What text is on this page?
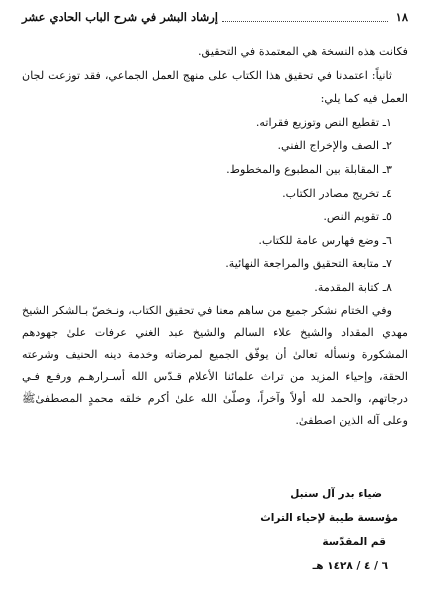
إرشاد البشر في شرح الباب الحادي عشر	١٨

فكانت هذه النسخة هي المعتمدة في التحقيق.

ثانياً: اعتمدنا في تحقيق هذا الكتاب على منهج العمل الجماعي، فقد توزعت لجان العمل فيه كما يلي:

١ـ تقطيع النص وتوزيع فقراته.
٢ـ الصف والإخراج الفني.
٣ـ المقابلة بين المطبوع والمخطوط.
٤ـ تخريج مصادر الكتاب.
٥ـ تقويم النص.
٦ـ وضع فهارس عامة للكتاب.
٧ـ متابعة التحقيق والمراجعة النهائية.
٨ـ كتابة المقدمة.

وفي الختام نشكر جميع من ساهم معنا في تحقيق الكتاب، ونـخصّ بـالشكر الشيخ مهدي المقداد والشيخ علاء السالم والشيخ عبد الغني عرفات علىٰ جهودهم المشكورة ونسأله تعالىٰ أن يوفّق الجميع لمرضاته وخدمة دينه الحنيف وشرعته الحقة، وإحياء المزيد من تراث علمائنا الأعلام قـدّس الله أسـرارهـم ورفـع فـي درجاتهم، والحمد لله أولاً وآخراً، وصلّىٰ الله علىٰ أكرم خلقه محمدٍ المصطفىٰﷺ وعلى آله الذين اصطفىٰ.

ضياء بدر آل سنبل
مؤسسة طيبة لإحياء التراث
قم المقدّسة
٦ / ٤ / ١٤٢٨ هـ
